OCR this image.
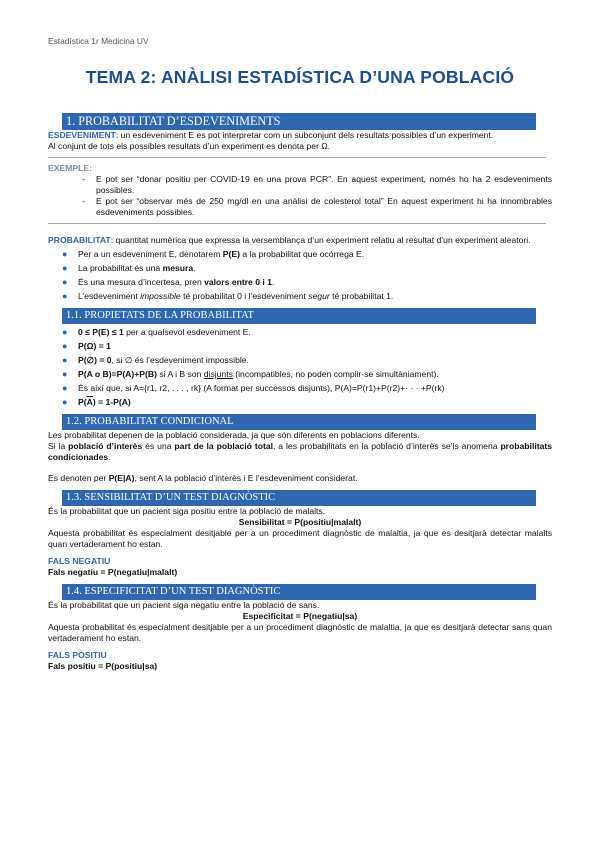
Estadística 1r Medicina UV
TEMA 2: ANÀLISI ESTADÍSTICA D’UNA POBLACIÓ
1. PROBABILITAT D’ESDEVENIMENTS

ESDEVENIMENT: un esdeveniment E es pot interpretar com un subconjunt dels resultats possibles d’un experiment.

Al conjunt de tots els possibles resultats d’un experiment es denota per Ω.

EXEMPLE:

- E pot ser “donar positiu per COVID-19 en una prova PCR”. En aquest experiment, només ho ha 2 esdeveniments possibles.
- E pot ser “observar més de 250 mg/dl en una anàlisi de colesterol total” En aquest experiment hi ha innombrables esdeveniments possibles.

PROBABILITAT: quantitat numèrica que expressa la versemblança d’un experiment relatiu al resultat d’un experiment aleatori.

● Per a un esdeveniment E, denotarem P(E) a la probabilitat que ocórrega E.
● La probabilitat és una mesura.
● És una mesura d’incertesa, pren valors entre 0 i 1.
● L’esdeveniment impossible té probabilitat 0 i l’esdeveniment segur té probabilitat 1.
1.1. PROPIETATS DE LA PROBABILITAT
● 0 ≤ P(E) ≤ 1 per a qualsevol esdeveniment E.
● P(Ω) = 1
● P(∅) = 0, si ∅ és l’esdeveniment impossible.
● P(A o B)=P(A)+P(B) si A i B son disjunts (incompatibles, no poden complir-se simultàniament).
● És així que, si A={r1, r2, . . . , rk} (A format per successos disjunts), P(A)=P(r1)+P(r2)+· · · +P(rk)
● $P(\overline{A}) = 1-P(A)$
1.2. PROBABILITAT CONDICIONAL

Les probabilitat depenen de la població considerada, ja que són diferents en poblacions diferents.

Si la població d’interès és una part de la població total, a les probabilitats en la població d’interès se’ls anomena probabilitats condicionades.

Es denoten per P(E|A), sent A la població d’interès i E l’esdeveniment considerat.

1.3. SENSIBILITAT D’UN TEST DIAGNÒSTIC

És la probabilitat que un pacient siga positiu entre la població de malalts.

Sensibilitat = P(positiu|malalt)

Aquesta probabilitat és especialment desitjable per a un procediment diagnòstic de malaltia, ja que es desitjarà detectar malalts quan vertaderament ho estan.

FALS NEGATIU

Fals negatiu = P(negatiu|malalt)

1.4. ESPECIFICITAT D’UN TEST DIAGNÒSTIC

És la probabilitat que un pacient siga negatiu entre la població de sans.

Especificitat = P(negatiu|sa)

Aquesta probabilitat és especialment desitjable per a un procediment diagnòstic de malaltia, ja que es desitjarà detectar sans quan vertaderament ho estan.

FALS POSITIU

Fals positiu = P(positiu|sa)
